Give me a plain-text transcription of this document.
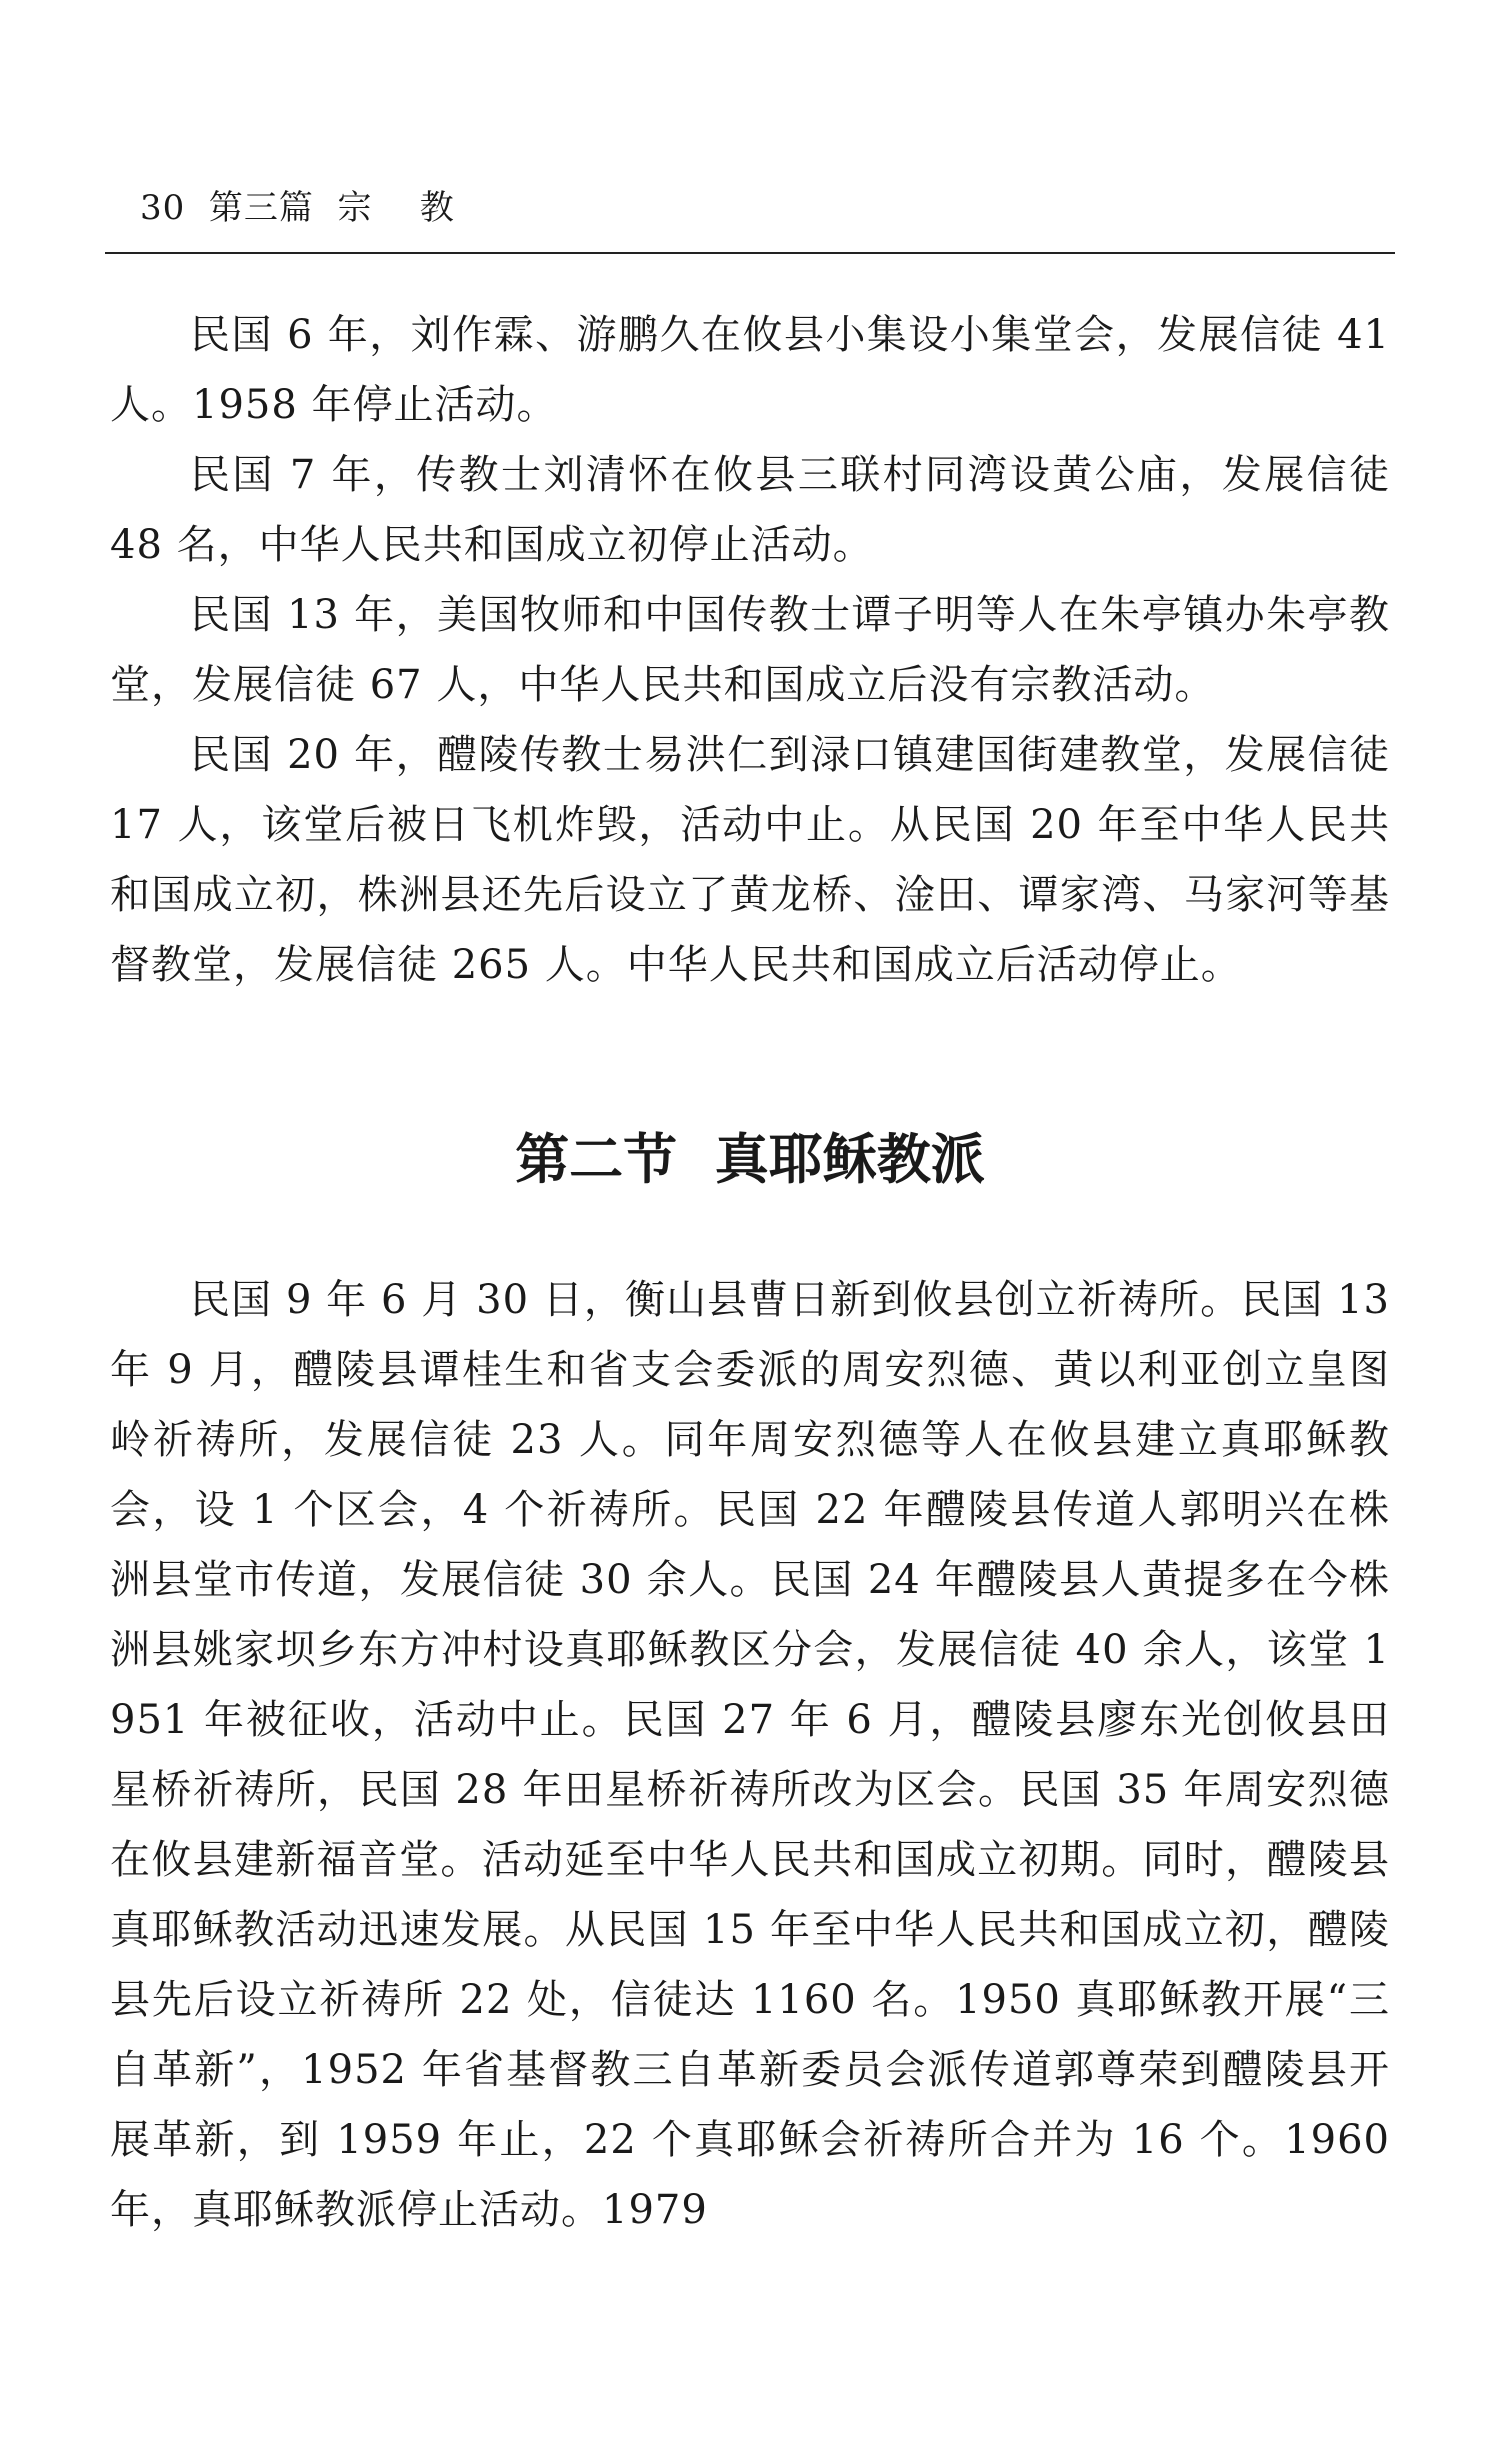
30  第三篇  宗    教

民国 6 年，刘作霖、游鹏久在攸县小集设小集堂会，发展信徒 41 人。1958 年停止活动。

民国 7 年，传教士刘清怀在攸县三联村同湾设黄公庙，发展信徒 48 名，中华人民共和国成立初停止活动。

民国 13 年，美国牧师和中国传教士谭子明等人在朱亭镇办朱亭教堂，发展信徒 67 人，中华人民共和国成立后没有宗教活动。

民国 20 年，醴陵传教士易洪仁到渌口镇建国街建教堂，发展信徒 17 人，该堂后被日飞机炸毁，活动中止。从民国 20 年至中华人民共和国成立初，株洲县还先后设立了黄龙桥、淦田、谭家湾、马家河等基督教堂，发展信徒 265 人。中华人民共和国成立后活动停止。

第二节  真耶稣教派

民国 9 年 6 月 30 日，衡山县曹日新到攸县创立祈祷所。民国 13 年 9 月，醴陵县谭桂生和省支会委派的周安烈德、黄以利亚创立皇图岭祈祷所，发展信徒 23 人。同年周安烈德等人在攸县建立真耶稣教会，设 1 个区会，4 个祈祷所。民国 22 年醴陵县传道人郭明兴在株洲县堂市传道，发展信徒 30 余人。民国 24 年醴陵县人黄提多在今株洲县姚家坝乡东方冲村设真耶稣教区分会，发展信徒 40 余人，该堂 1951 年被征收，活动中止。民国 27 年 6 月，醴陵县廖东光创攸县田星桥祈祷所，民国 28 年田星桥祈祷所改为区会。民国 35 年周安烈德在攸县建新福音堂。活动延至中华人民共和国成立初期。同时，醴陵县真耶稣教活动迅速发展。从民国 15 年至中华人民共和国成立初，醴陵县先后设立祈祷所 22 处，信徒达 1160 名。1950 真耶稣教开展“三自革新”，1952 年省基督教三自革新委员会派传道郭尊荣到醴陵县开展革新，到 1959 年止，22 个真耶稣会祈祷所合并为 16 个。1960 年，真耶稣教派停止活动。1979
